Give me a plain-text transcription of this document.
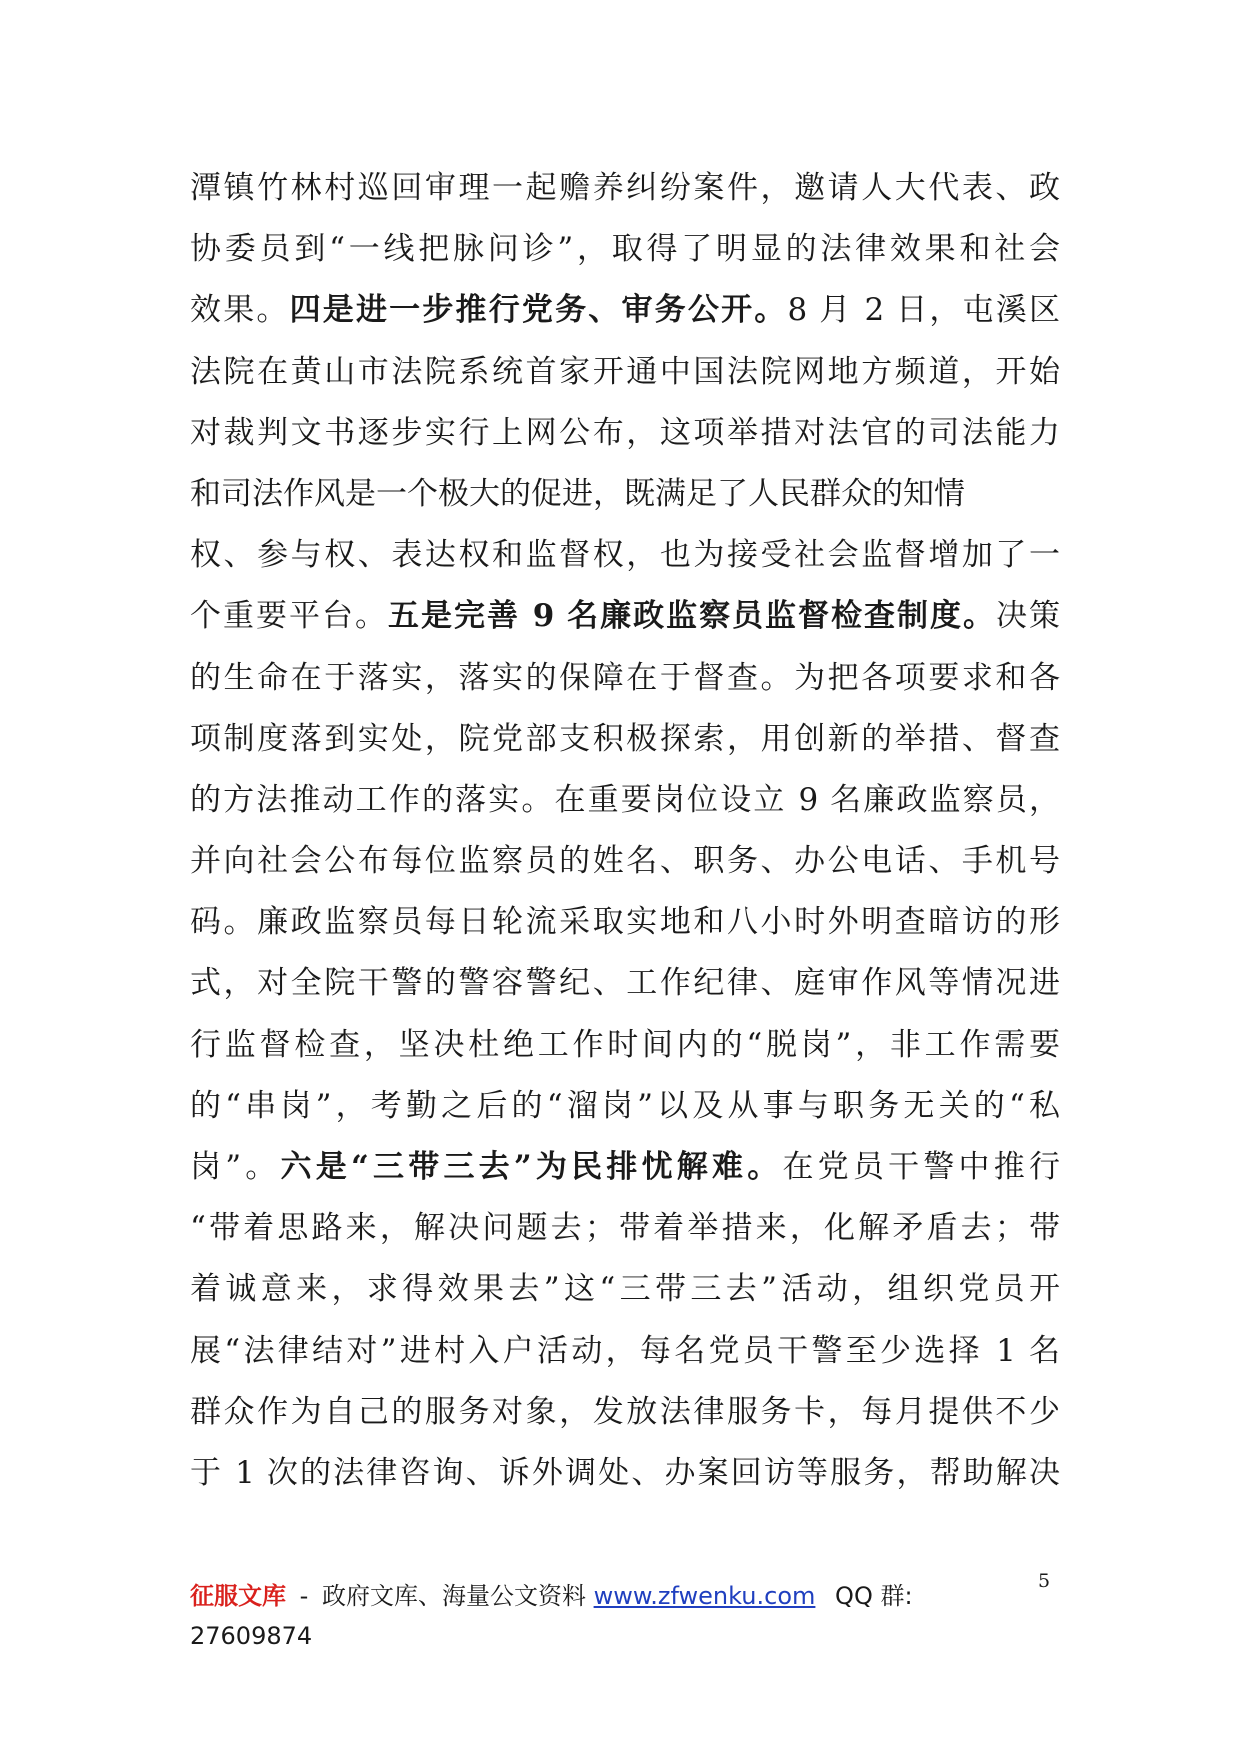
潭镇竹林村巡回审理一起赡养纠纷案件，邀请人大代表、政
协委员到“一线把脉问诊”，取得了明显的法律效果和社会
效果。四是进一步推行党务、审务公开。8 月 2 日，屯溪区
法院在黄山市法院系统首家开通中国法院网地方频道，开始
对裁判文书逐步实行上网公布，这项举措对法官的司法能力
和司法作风是一个极大的促进，既满足了人民群众的知情
权、参与权、表达权和监督权，也为接受社会监督增加了一
个重要平台。五是完善 9 名廉政监察员监督检查制度。决策
的生命在于落实，落实的保障在于督查。为把各项要求和各
项制度落到实处，院党部支积极探索，用创新的举措、督查
的方法推动工作的落实。在重要岗位设立 9 名廉政监察员，
并向社会公布每位监察员的姓名、职务、办公电话、手机号
码。廉政监察员每日轮流采取实地和八小时外明查暗访的形
式，对全院干警的警容警纪、工作纪律、庭审作风等情况进
行监督检查，坚决杜绝工作时间内的“脱岗”，非工作需要
的“串岗”，考勤之后的“溜岗”以及从事与职务无关的“私
岗”。六是“三带三去”为民排忧解难。在党员干警中推行
“带着思路来，解决问题去；带着举措来，化解矛盾去；带
着诚意来，求得效果去”这“三带三去”活动，组织党员开
展“法律结对”进村入户活动，每名党员干警至少选择 1 名
群众作为自己的服务对象，发放法律服务卡，每月提供不少
于 1 次的法律咨询、诉外调处、办案回访等服务，帮助解决
5
征服文库 - 政府文库、海量公文资料 www.zfwenku.com QQ 群:
27609874
